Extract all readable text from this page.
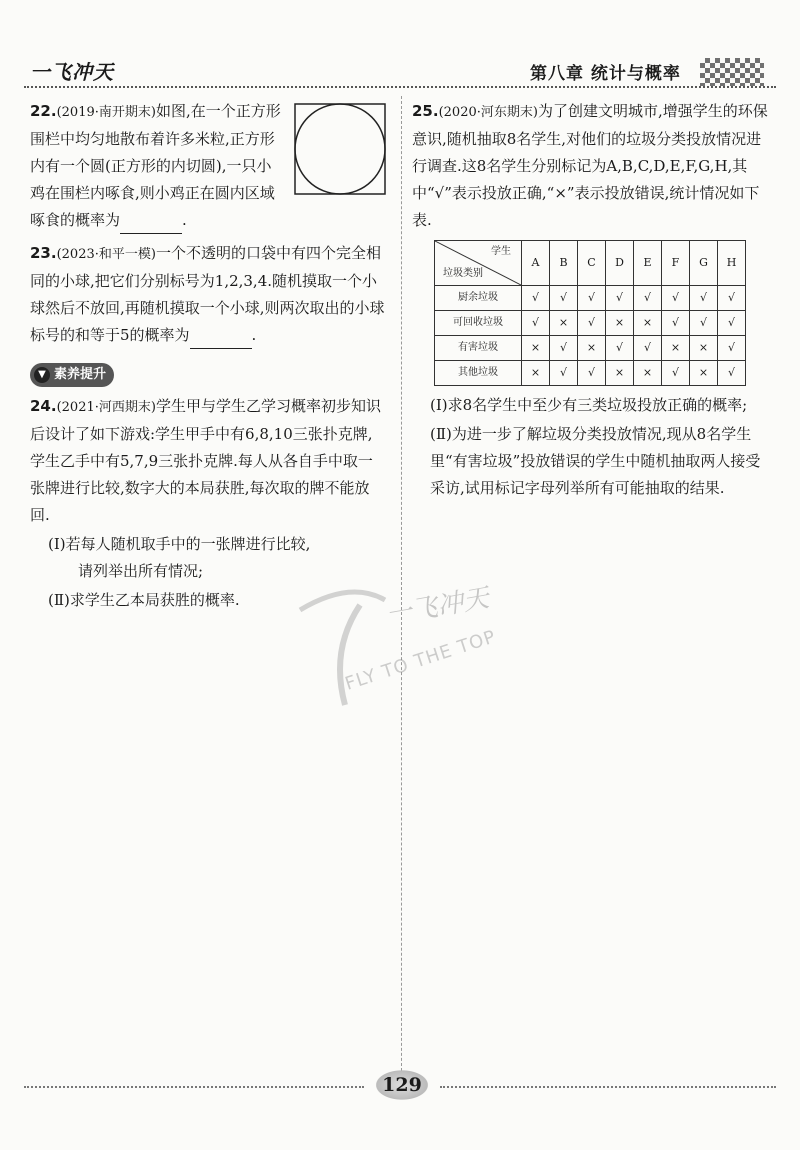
一飞冲天	第八章 统计与概率
22.(2019·南开期末)如图,在一个正方形围栏中均匀地散布着许多米粒,正方形内有一个圆(正方形的内切圆),一只小鸡在围栏内啄食,则小鸡正在圆内区域啄食的概率为	.
23.(2023·和平一模)一个不透明的口袋中有四个完全相同的小球,把它们分别标号为1,2,3,4.随机摸取一个小球然后不放回,再随机摸取一个小球,则两次取出的小球标号的和等于5的概率为	.
▼ 素养提升
24.(2021·河西期末)学生甲与学生乙学习概率初步知识后设计了如下游戏:学生甲手中有6,8,10三张扑克牌,学生乙手中有5,7,9三张扑克牌.每人从各自手中取一张牌进行比较,数字大的本局获胜,每次取的牌不能放回.
(Ⅰ)若每人随机取手中的一张牌进行比较,
请列举出所有情况;
(Ⅱ)求学生乙本局获胜的概率.
25.(2020·河东期末)为了创建文明城市,增强学生的环保意识,随机抽取8名学生,对他们的垃圾分类投放情况进行调查.这8名学生分别标记为A,B,C,D,E,F,G,H,其中“√”表示投放正确,“×”表示投放错误,统计情况如下表.
学生
垃圾类别	A	B	C	D	E	F	G	H
厨余垃圾	√	√	√	√	√	√	√	√
可回收垃圾	√	×	√	×	×	√	√	√
有害垃圾	×	√	×	√	√	×	×	√
其他垃圾	×	√	√	×	×	√	×	√
(Ⅰ)求8名学生中至少有三类垃圾投放正确的概率;
(Ⅱ)为进一步了解垃圾分类投放情况,现从8名学生里“有害垃圾”投放错误的学生中随机抽取两人接受采访,试用标记字母列举所有可能抽取的结果.
一飞冲天
FLY TO THE TOP
129
